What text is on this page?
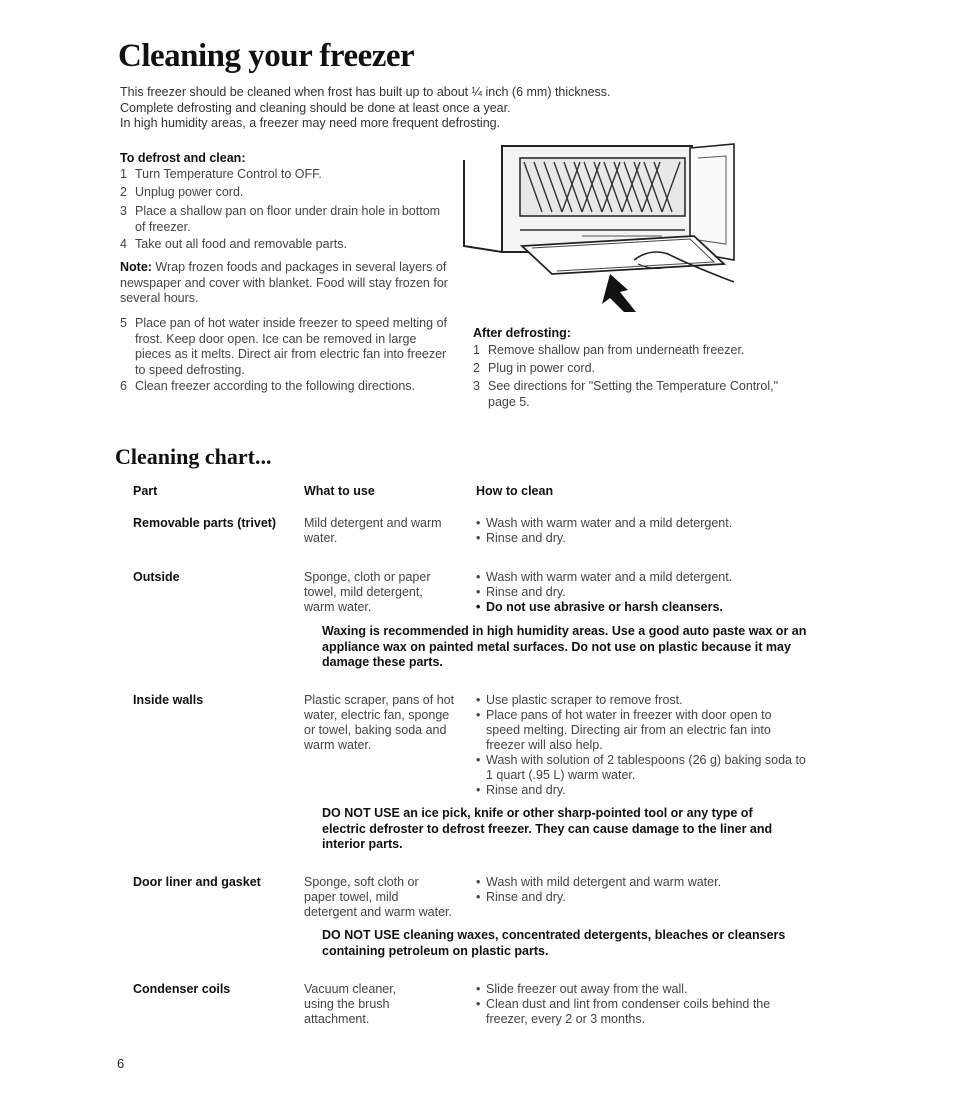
Cleaning your freezer
This freezer should be cleaned when frost has built up to about ¼ inch (6 mm) thickness.
Complete defrosting and cleaning should be done at least once a year.
In high humidity areas, a freezer may need more frequent defrosting.
To defrost and clean:
1 Turn Temperature Control to OFF.
2 Unplug power cord.
3 Place a shallow pan on floor under drain hole in bottom of freezer.
4 Take out all food and removable parts.
Note: Wrap frozen foods and packages in several layers of newspaper and cover with blanket. Food will stay frozen for several hours.
5 Place pan of hot water inside freezer to speed melting of frost. Keep door open. Ice can be removed in large pieces as it melts. Direct air from electric fan into freezer to speed defrosting.
6 Clean freezer according to the following directions.
After defrosting:
1 Remove shallow pan from underneath freezer.
2 Plug in power cord.
3 See directions for "Setting the Temperature Control," page 5.
Cleaning chart...
Part	What to use	How to clean
Removable parts (trivet)	Mild detergent and warm water.
• Wash with warm water and a mild detergent.
• Rinse and dry.
Outside	Sponge, cloth or paper towel, mild detergent, warm water.
• Wash with warm water and a mild detergent.
• Rinse and dry.
• Do not use abrasive or harsh cleansers.
Waxing is recommended in high humidity areas. Use a good auto paste wax or an appliance wax on painted metal surfaces. Do not use on plastic because it may damage these parts.
Inside walls	Plastic scraper, pans of hot water, electric fan, sponge or towel, baking soda and warm water.
• Use plastic scraper to remove frost.
• Place pans of hot water in freezer with door open to speed melting. Directing air from an electric fan into freezer will also help.
• Wash with solution of 2 tablespoons (26 g) baking soda to 1 quart (.95 L) warm water.
• Rinse and dry.
DO NOT USE an ice pick, knife or other sharp-pointed tool or any type of electric defroster to defrost freezer. They can cause damage to the liner and interior parts.
Door liner and gasket	Sponge, soft cloth or paper towel, mild detergent and warm water.
• Wash with mild detergent and warm water.
• Rinse and dry.
DO NOT USE cleaning waxes, concentrated detergents, bleaches or cleansers containing petroleum on plastic parts.
Condenser coils	Vacuum cleaner, using the brush attachment.
• Slide freezer out away from the wall.
• Clean dust and lint from condenser coils behind the freezer, every 2 or 3 months.
6
